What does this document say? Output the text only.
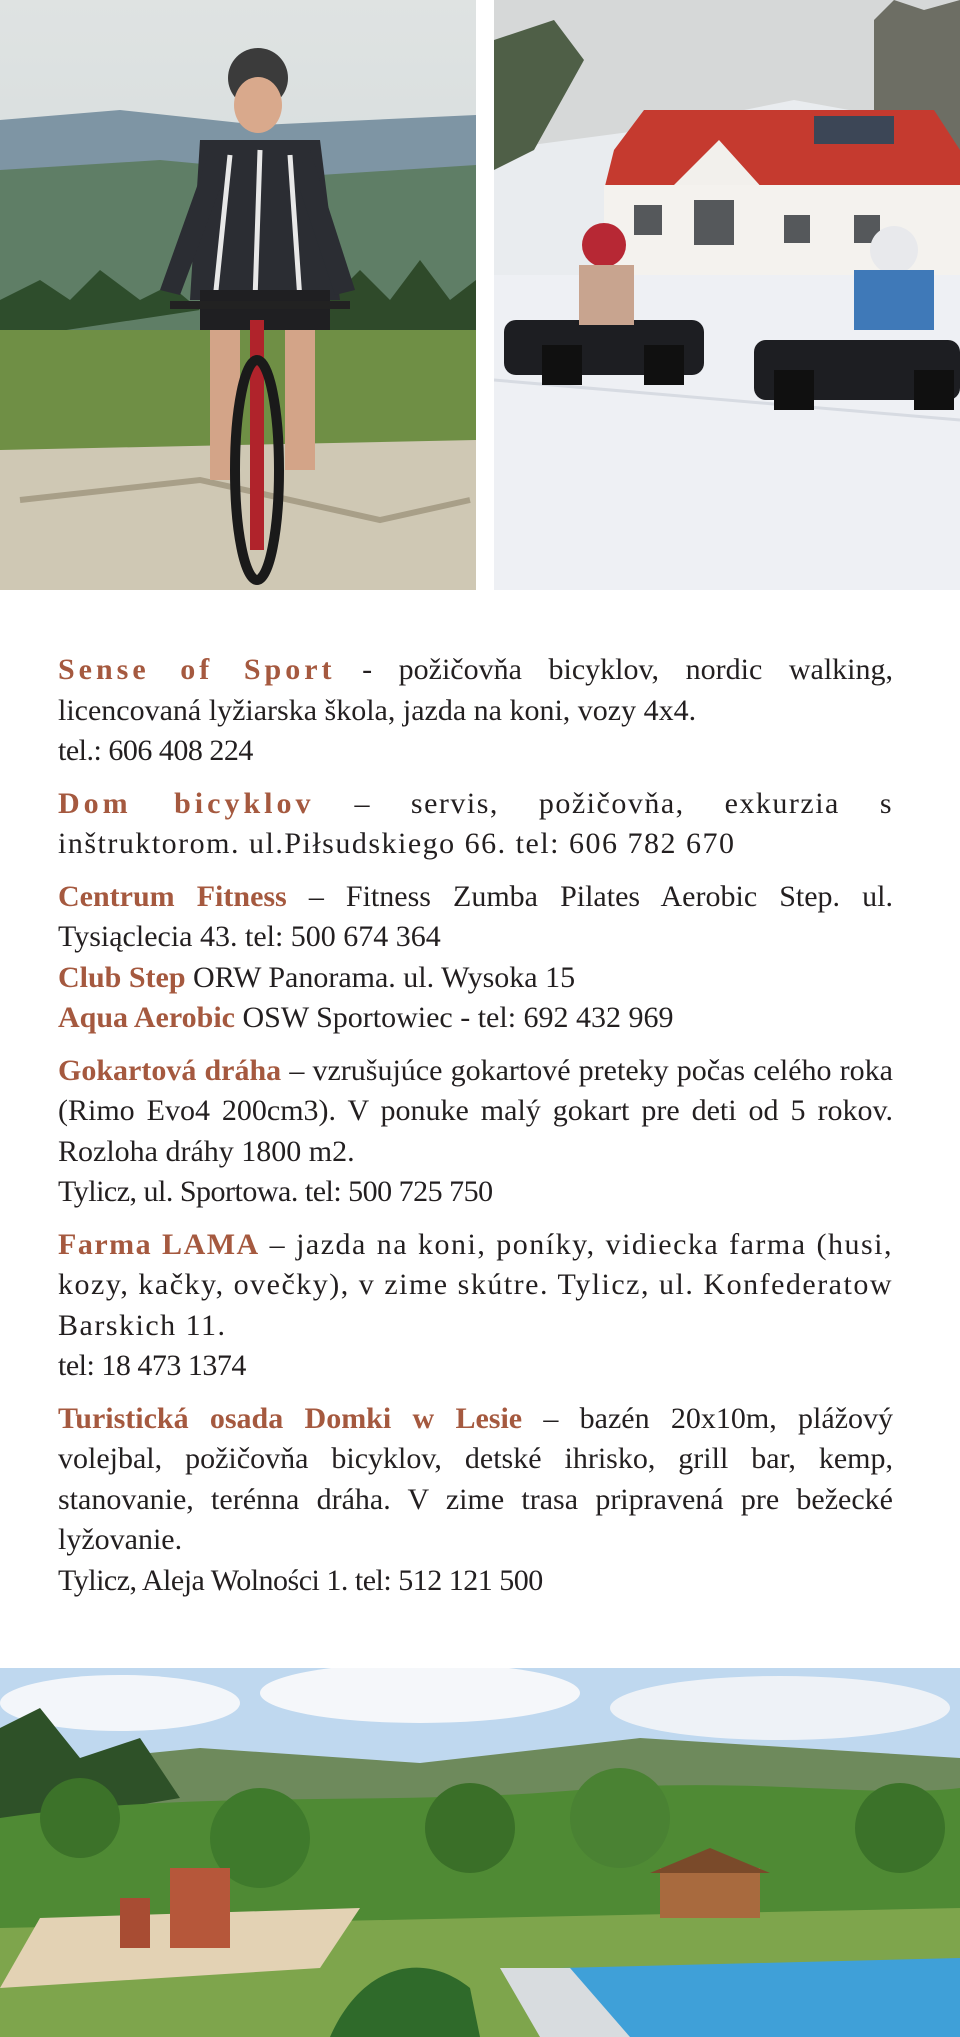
Sense of Sport - požičovňa bicyklov, nordic walking, licencovaná lyžiarska škola, jazda na koni, vozy 4x4.
tel.: 606 408 224

Dom bicyklov – servis, požičovňa, exkurzia s inštruktorom. ul.Piłsudskiego 66. tel: 606 782 670

Centrum Fitness – Fitness Zumba Pilates Aerobic Step. ul. Tysiąclecia 43. tel: 500 674 364

Club Step ORW Panorama. ul. Wysoka 15

Aqua Aerobic OSW Sportowiec - tel: 692 432 969

Gokartová dráha – vzrušujúce gokartové preteky počas celého roka (Rimo Evo4 200cm3). V ponuke malý gokart pre deti od 5 rokov. Rozloha dráhy 1800 m2.
Tylicz, ul. Sportowa. tel: 500 725 750

Farma LAMA – jazda na koni, poníky, vidiecka farma (husi, kozy, kačky, ovečky), v zime skútre. Tylicz, ul. Konfederatow Barskich 11.
tel: 18 473 1374

Turistická osada Domki w Lesie – bazén 20x10m, plážový volejbal, požičovňa bicyklov, detské ihrisko, grill bar, kemp, stanovanie, terénna dráha. V zime trasa pripravená pre bežecké lyžovanie.
Tylicz, Aleja Wolności 1. tel: 512 121 500
